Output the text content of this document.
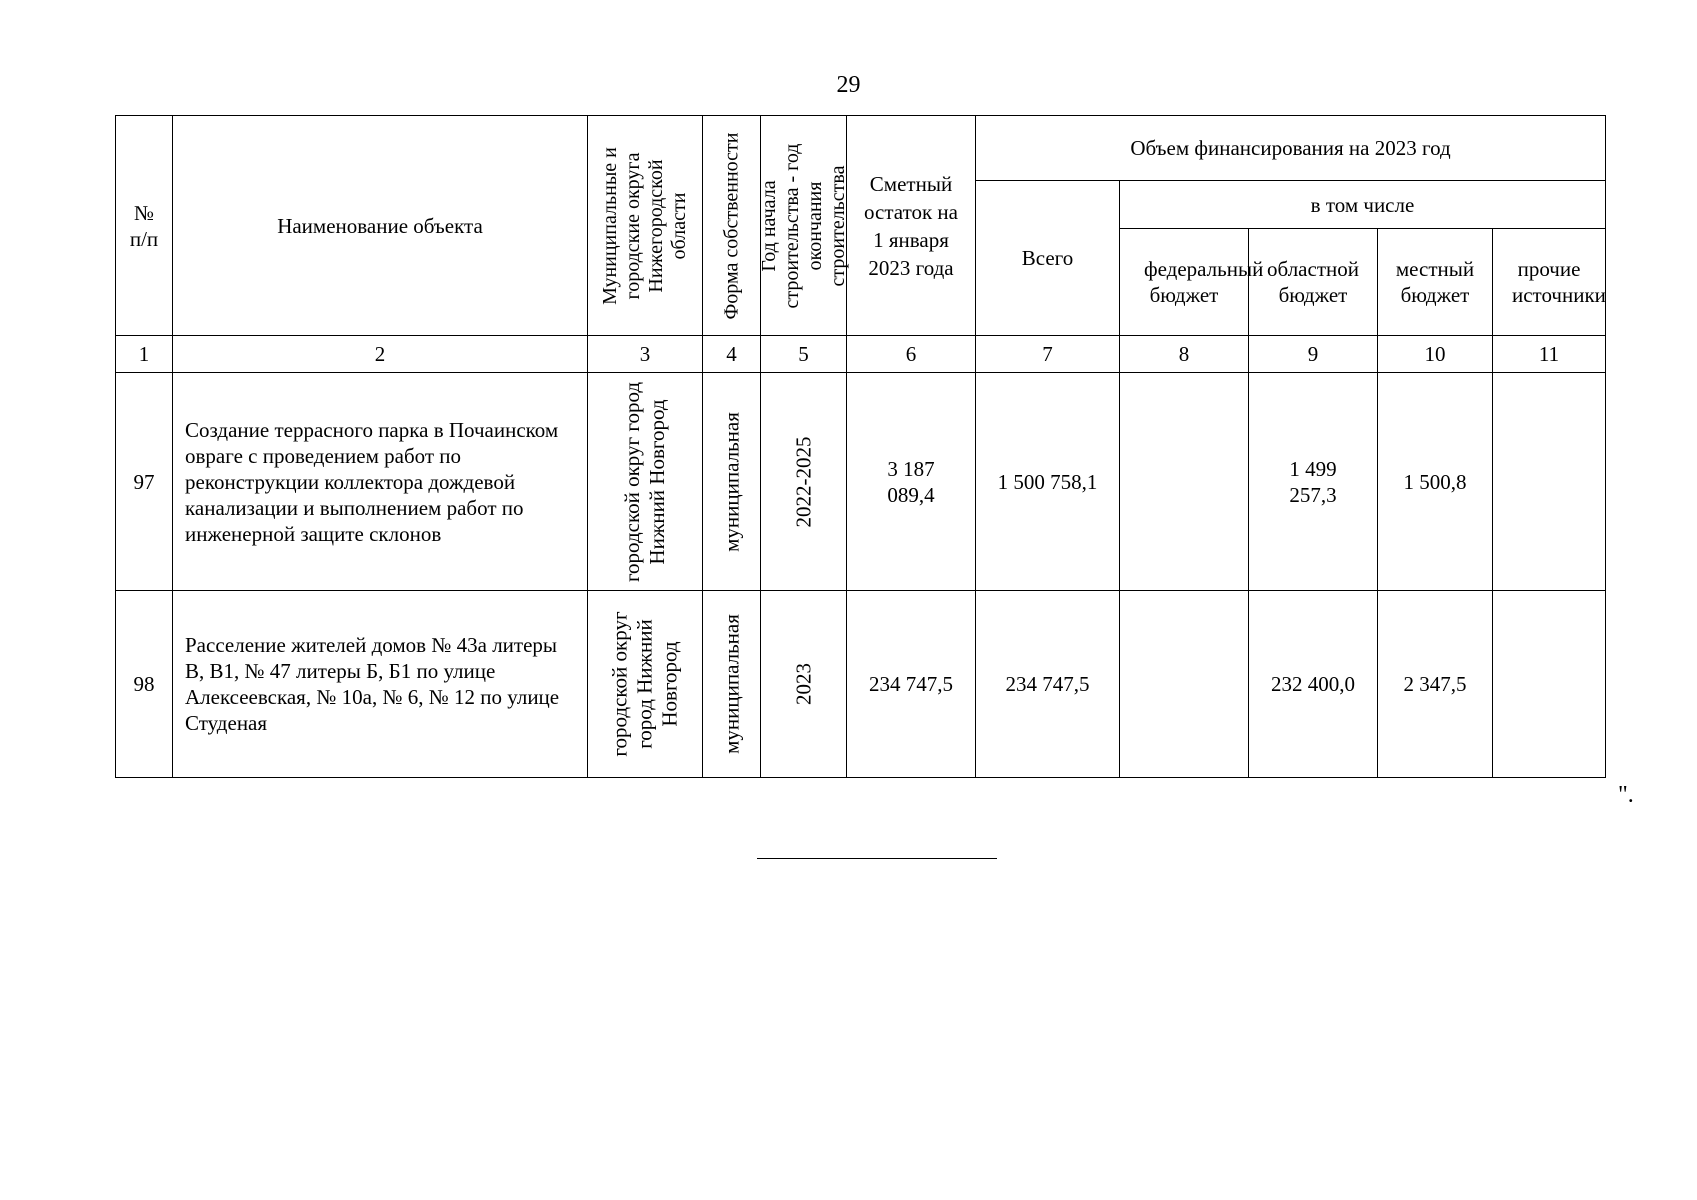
29
№ п/п	Наименование объекта	Муниципальные и городские округа Нижегородской области	Форма собственности	Год начала строительства - год окончания строительства	Сметный остаток на 1 января 2023 года	Объем финансирования на 2023 год				
						Всего	в том числе			

							федеральный бюджет	областной бюджет	местный бюджет	прочие источники

1	2	3	4	5	6	7	8	9	10	11
97	Создание террасного парка в Почаинском овраге с проведением работ по реконструкции коллектора дождевой канализации и выполнением работ по инженерной защите склонов	городской округ город Нижний Новгород	муниципальная	2022-2025	3 187 089,4	1 500 758,1		1 499 257,3	1 500,8	
98	Расселение жителей домов № 43а литеры В, В1, № 47 литеры Б, Б1 по улице Алексеевская, № 10а, № 6, № 12 по улице Студеная	городской округ город Нижний Новгород	муниципальная	2023	234 747,5	234 747,5		232 400,0	2 347,5	
".
